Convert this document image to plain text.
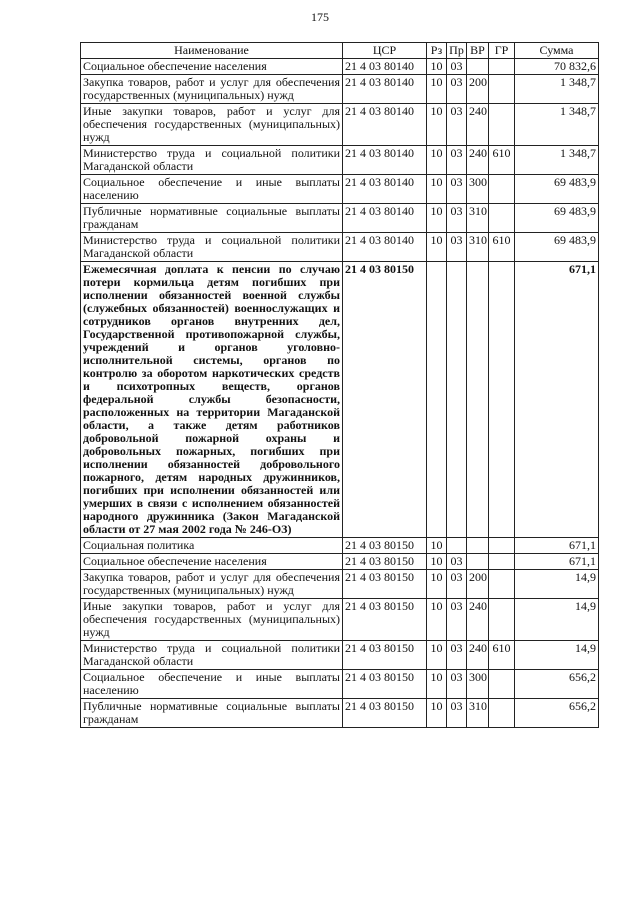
175
Наименование	ЦСР	Рз	Пр	ВР	ГР	Сумма
Социальное обеспечение населения	21 4 03 80140	10	03			70 832,6
Закупка товаров, работ и услуг для обеспечения государственных (муниципальных) нужд	21 4 03 80140	10	03	200		1 348,7
Иные закупки товаров, работ и услуг для обеспечения государственных (муниципальных) нужд	21 4 03 80140	10	03	240		1 348,7
Министерство труда и социальной политики Магаданской области	21 4 03 80140	10	03	240	610	1 348,7
Социальное обеспечение и иные выплаты населению	21 4 03 80140	10	03	300		69 483,9
Публичные нормативные социальные выплаты гражданам	21 4 03 80140	10	03	310		69 483,9
Министерство труда и социальной политики Магаданской области	21 4 03 80140	10	03	310	610	69 483,9
Ежемесячная доплата к пенсии по случаю потери кормильца детям погибших при исполнении обязанностей военной службы (служебных обязанностей) военнослужащих и сотрудников органов внутренних дел, Государственной противопожарной службы, учреждений и органов уголовно-исполнительной системы, органов по контролю за оборотом наркотических средств и психотропных веществ, органов федеральной службы безопасности, расположенных на территории Магаданской области, а также детям работников добровольной пожарной охраны и добровольных пожарных, погибших при исполнении обязанностей добровольного пожарного, детям народных дружинников, погибших при исполнении обязанностей или умерших в связи с исполнением обязанностей народного дружинника (Закон Магаданской области от 27 мая 2002 года № 246-ОЗ)	21 4 03 80150					671,1
Социальная политика	21 4 03 80150	10				671,1
Социальное обеспечение населения	21 4 03 80150	10	03			671,1
Закупка товаров, работ и услуг для обеспечения государственных (муниципальных) нужд	21 4 03 80150	10	03	200		14,9
Иные закупки товаров, работ и услуг для обеспечения государственных (муниципальных) нужд	21 4 03 80150	10	03	240		14,9
Министерство труда и социальной политики Магаданской области	21 4 03 80150	10	03	240	610	14,9
Социальное обеспечение и иные выплаты населению	21 4 03 80150	10	03	300		656,2
Публичные нормативные социальные выплаты гражданам	21 4 03 80150	10	03	310		656,2
